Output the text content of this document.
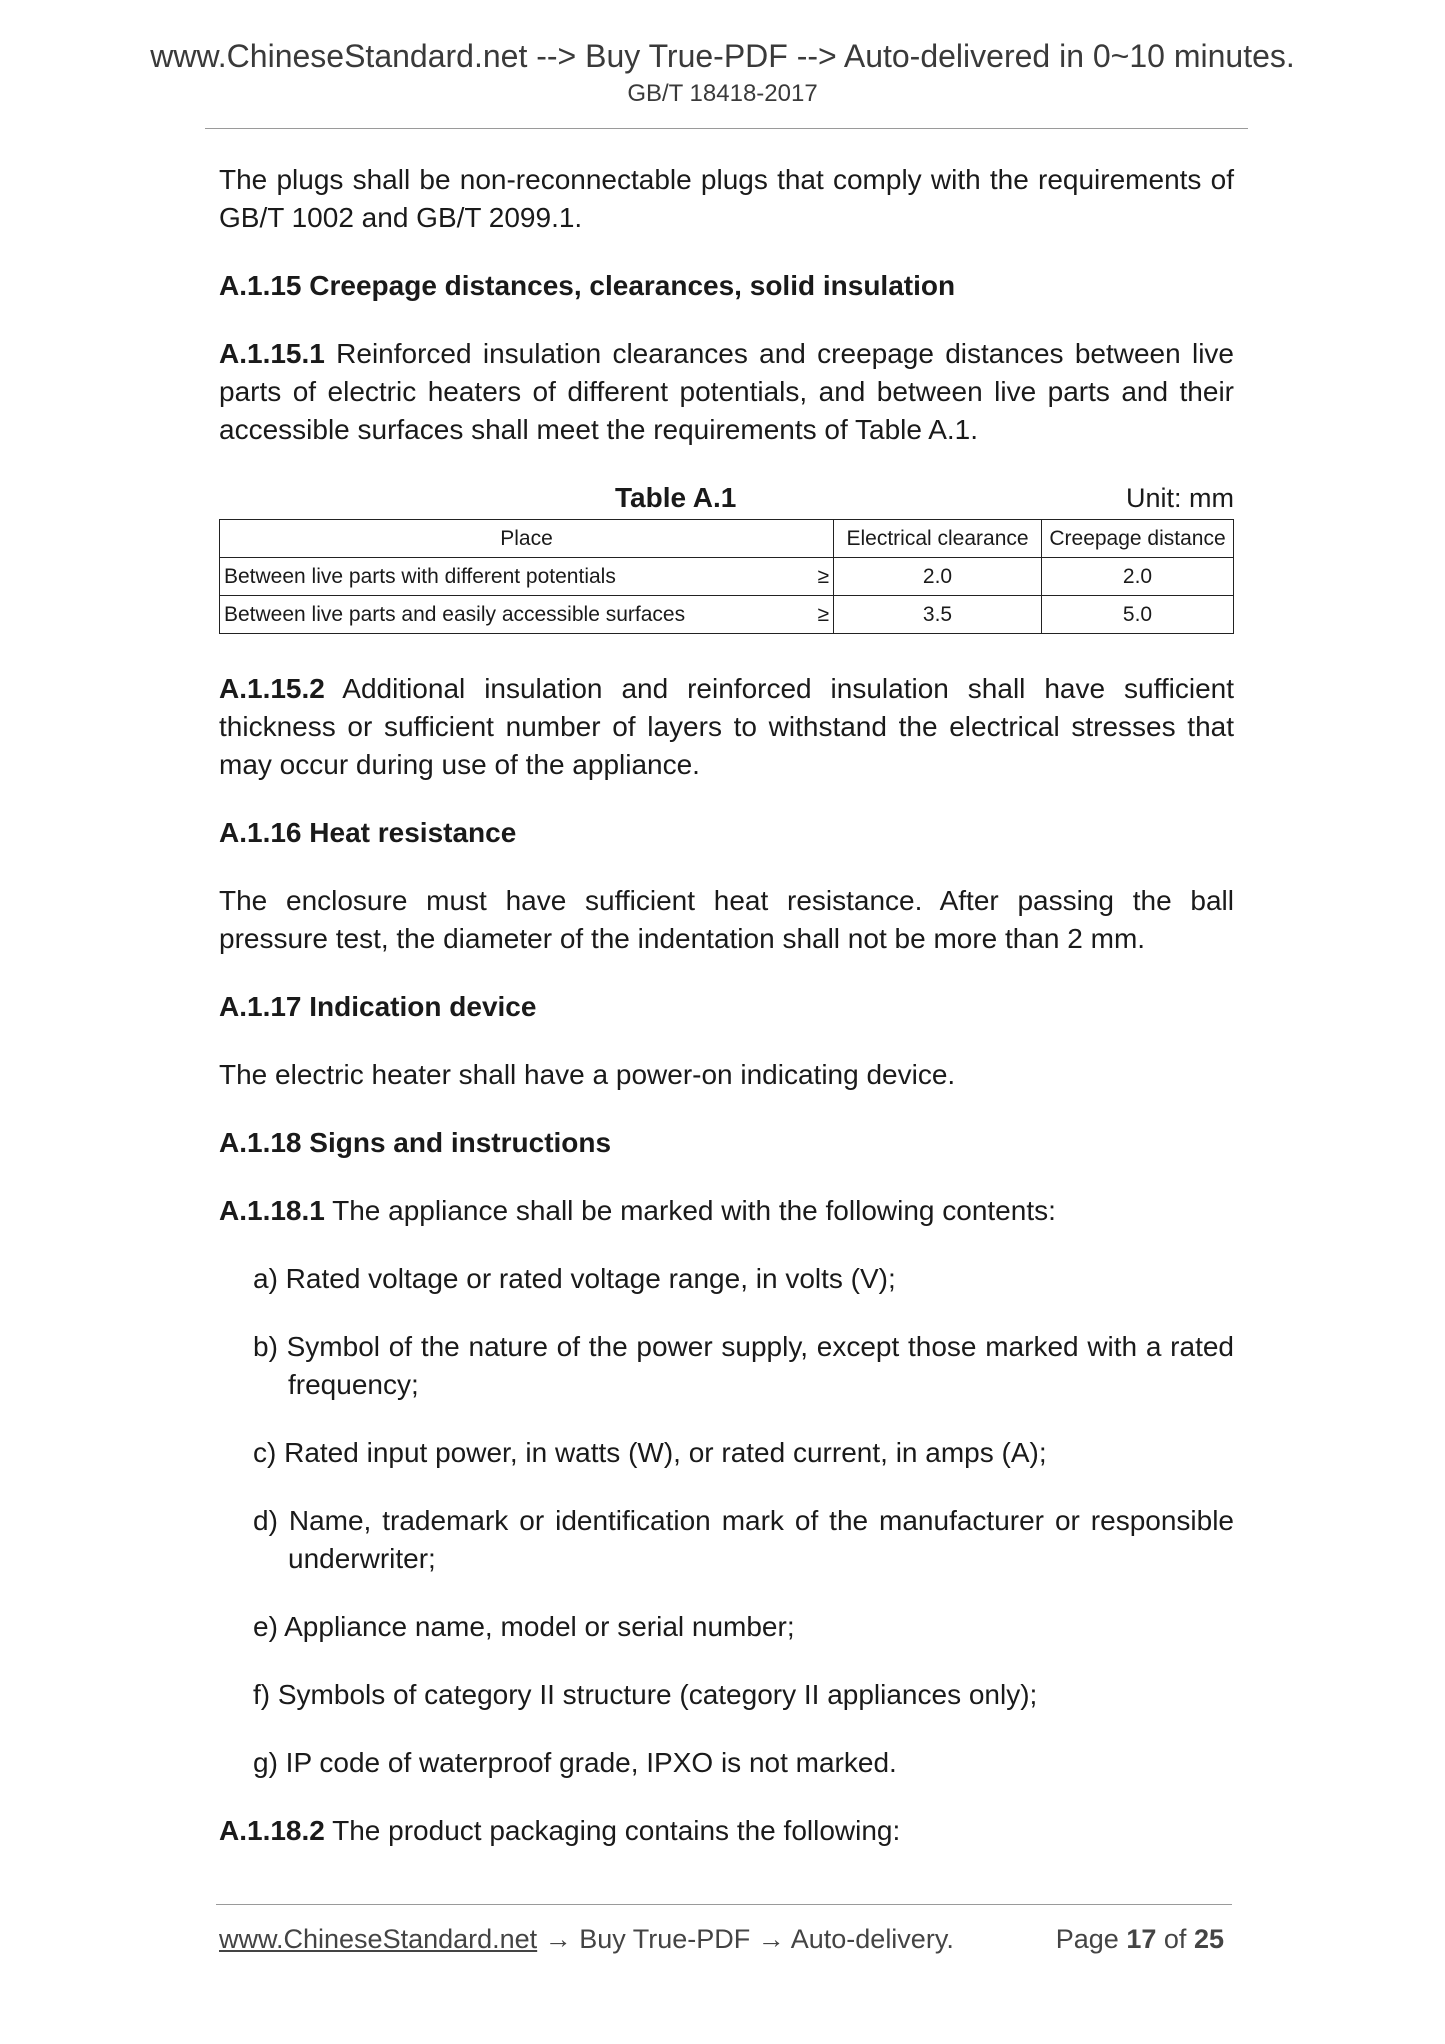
www.ChineseStandard.net --> Buy True-PDF --> Auto-delivered in 0~10 minutes.
GB/T 18418-2017

The plugs shall be non-reconnectable plugs that comply with the requirements of GB/T 1002 and GB/T 2099.1.

A.1.15 Creepage distances, clearances, solid insulation

A.1.15.1 Reinforced insulation clearances and creepage distances between live parts of electric heaters of different potentials, and between live parts and their accessible surfaces shall meet the requirements of Table A.1.

Table A.1	Unit: mm
Place		Electrical clearance	Creepage distance
Between live parts with different potentials	≥	2.0	2.0
Between live parts and easily accessible surfaces	≥	3.5	5.0

A.1.15.2 Additional insulation and reinforced insulation shall have sufficient thickness or sufficient number of layers to withstand the electrical stresses that may occur during use of the appliance.

A.1.16 Heat resistance

The enclosure must have sufficient heat resistance. After passing the ball pressure test, the diameter of the indentation shall not be more than 2 mm.

A.1.17 Indication device

The electric heater shall have a power-on indicating device.

A.1.18 Signs and instructions

A.1.18.1 The appliance shall be marked with the following contents:

a) Rated voltage or rated voltage range, in volts (V);
b) Symbol of the nature of the power supply, except those marked with a rated frequency;
c) Rated input power, in watts (W), or rated current, in amps (A);
d) Name, trademark or identification mark of the manufacturer or responsible underwriter;
e) Appliance name, model or serial number;
f) Symbols of category II structure (category II appliances only);
g) IP code of waterproof grade, IPXO is not marked.

A.1.18.2 The product packaging contains the following:

www.ChineseStandard.net → Buy True-PDF → Auto-delivery.	Page 17 of 25
